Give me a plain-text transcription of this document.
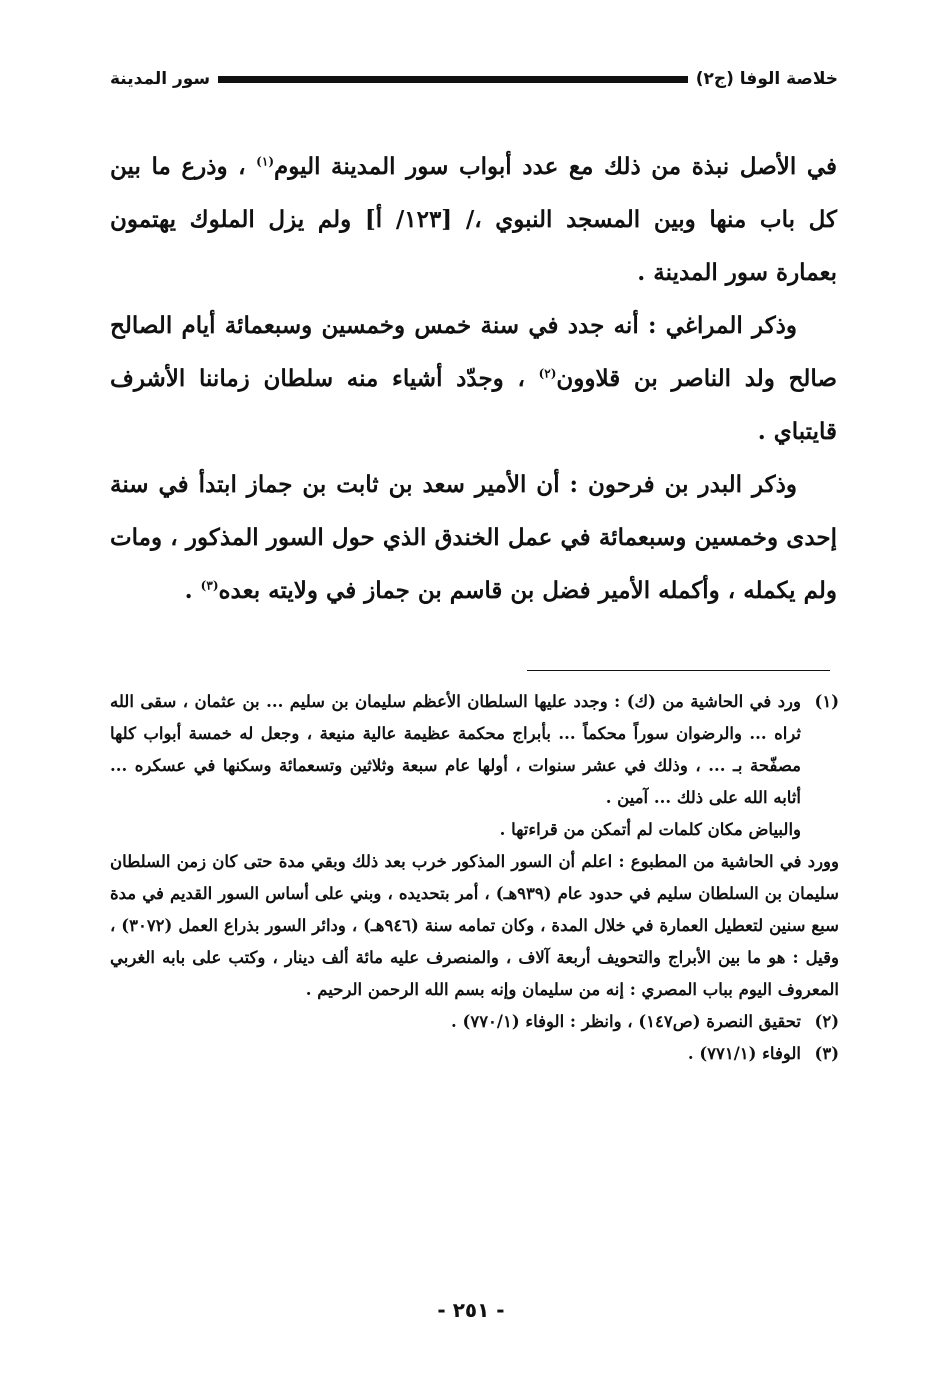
خلاصة الوفا (ج٢)
سور المدينة

في الأصل نبذة من ذلك مع عدد أبواب سور المدينة اليوم$^{(١)}$ ، وذرع ما بين كل باب منها وبين المسجد النبوي ،/ [١٢٣/ أ] ولم يزل الملوك يهتمون بعمارة سور المدينة .

وذكر المراغي : أنه جدد في سنة خمس وخمسين وسبعمائة أيام الصالح صالح ولد الناصر بن قلاوون$^{(٢)}$ ، وجدّد أشياء منه سلطان زماننا الأشرف قايتباي .

وذكر البدر بن فرحون : أن الأمير سعد بن ثابت بن جماز ابتدأ في سنة إحدى وخمسين وسبعمائة في عمل الخندق الذي حول السور المذكور ، ومات ولم يكمله ، وأكمله الأمير فضل بن قاسم بن جماز في ولايته بعده$^{(٣)}$ .

(١)

ورد في الحاشية من (ك) : وجدد عليها السلطان الأعظم سليمان بن سليم ... بن عثمان ، سقى الله ثراه ... والرضوان سوراً محكماً ... بأبراج محكمة عظيمة عالية منيعة ، وجعل له خمسة أبواب كلها مصفّحة بـ ... ، وذلك في عشر سنوات ، أولها عام سبعة وثلاثين وتسعمائة وسكنها في عسكره ... أثابه الله على ذلك ... آمين .

والبياض مكان كلمات لم أتمكن من قراءتها .

وورد في الحاشية من المطبوع : اعلم أن السور المذكور خرب بعد ذلك وبقي مدة حتى كان زمن السلطان سليمان بن السلطان سليم في حدود عام (٩٣٩هـ) ، أمر بتحديده ، وبني على أساس السور القديم في مدة سبع سنين لتعطيل العمارة في خلال المدة ، وكان تمامه سنة (٩٤٦هـ) ، ودائر السور بذراع العمل (٣٠٧٢) ، وقيل : هو ما بين الأبراج والتحويف أربعة آلاف ، والمنصرف عليه مائة ألف دينار ، وكتب على بابه الغربي المعروف اليوم بباب المصري : إنه من سليمان وإنه بسم الله الرحمن الرحيم .

(٢)

تحقيق النصرة (ص١٤٧) ، وانظر : الوفاء (٧٧٠/١) .

(٣)

الوفاء (٧٧١/١) .

- ٢٥١ -
